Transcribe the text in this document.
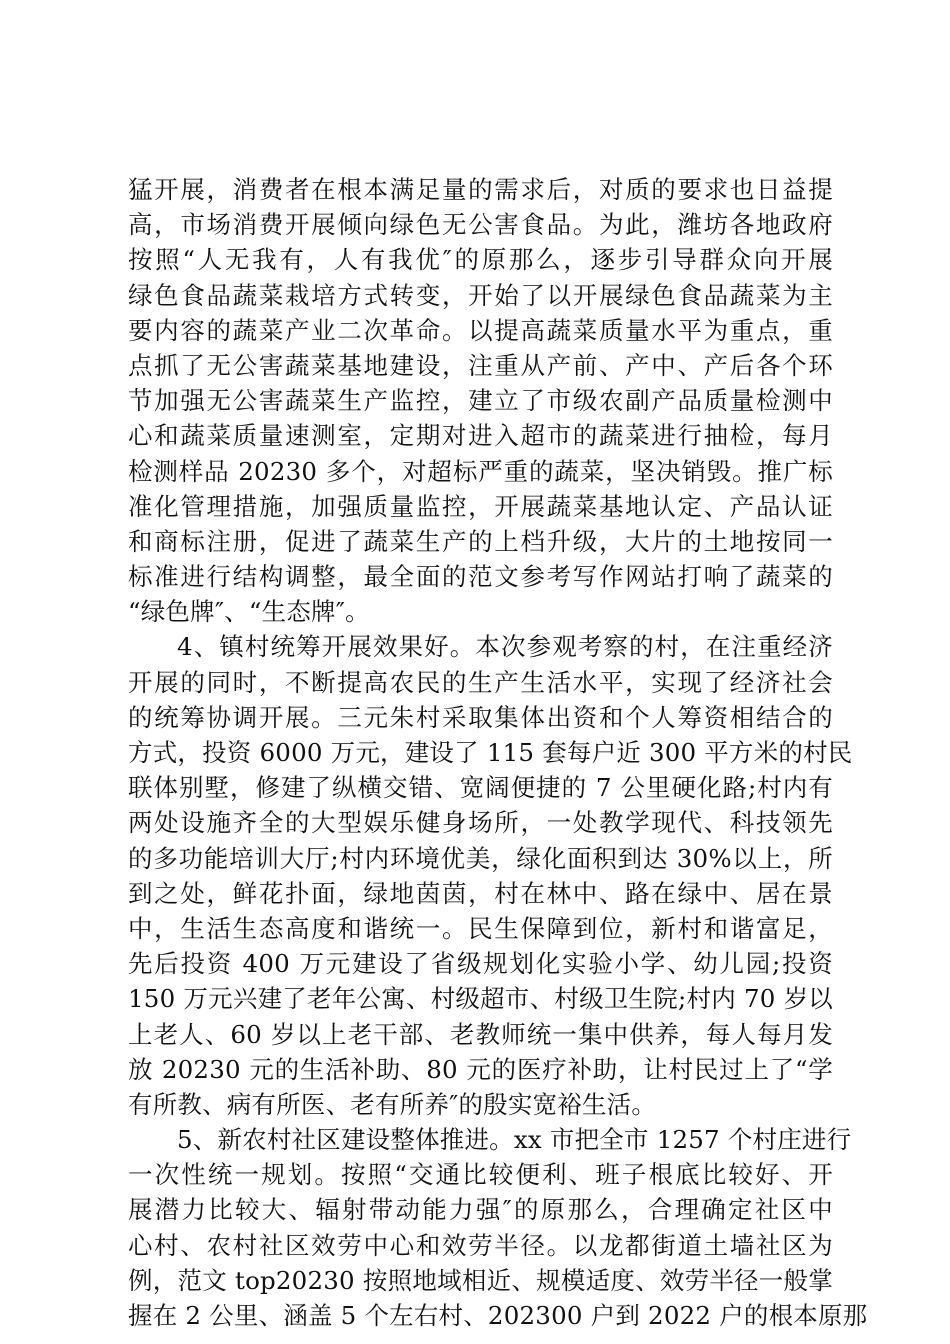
猛开展，消费者在根本满足量的需求后，对质的要求也日益提
高，市场消费开展倾向绿色无公害食品。为此，潍坊各地政府
按照“人无我有，人有我优″的原那么，逐步引导群众向开展
绿色食品蔬菜栽培方式转变，开始了以开展绿色食品蔬菜为主
要内容的蔬菜产业二次革命。以提高蔬菜质量水平为重点，重
点抓了无公害蔬菜基地建设，注重从产前、产中、产后各个环
节加强无公害蔬菜生产监控，建立了市级农副产品质量检测中
心和蔬菜质量速测室，定期对进入超市的蔬菜进行抽检，每月
检测样品 20230 多个，对超标严重的蔬菜，坚决销毁。推广标
准化管理措施，加强质量监控，开展蔬菜基地认定、产品认证
和商标注册，促进了蔬菜生产的上档升级，大片的土地按同一
标准进行结构调整，最全面的范文参考写作网站打响了蔬菜的
“绿色牌″、“生态牌″。
4、镇村统筹开展效果好。本次参观考察的村，在注重经济
开展的同时，不断提高农民的生产生活水平，实现了经济社会
的统筹协调开展。三元朱村采取集体出资和个人筹资相结合的
方式，投资 6000 万元，建设了 115 套每户近 300 平方米的村民
联体别墅，修建了纵横交错、宽阔便捷的 7 公里硬化路;村内有
两处设施齐全的大型娱乐健身场所，一处教学现代、科技领先
的多功能培训大厅;村内环境优美，绿化面积到达 30%以上，所
到之处，鲜花扑面，绿地茵茵，村在林中、路在绿中、居在景
中，生活生态高度和谐统一。民生保障到位，新村和谐富足，
先后投资 400 万元建设了省级规划化实验小学、幼儿园;投资
150 万元兴建了老年公寓、村级超市、村级卫生院;村内 70 岁以
上老人、60 岁以上老干部、老教师统一集中供养，每人每月发
放 20230 元的生活补助、80 元的医疗补助，让村民过上了“学
有所教、病有所医、老有所养″的殷实宽裕生活。
5、新农村社区建设整体推进。xx 市把全市 1257 个村庄进行
一次性统一规划。按照“交通比较便利、班子根底比较好、开
展潜力比较大、辐射带动能力强″的原那么，合理确定社区中
心村、农村社区效劳中心和效劳半径。以龙都街道土墙社区为
例，范文 top20230 按照地域相近、规模适度、效劳半径一般掌
握在 2 公里、涵盖 5 个左右村、202300 户到 2022 户的根本原那
